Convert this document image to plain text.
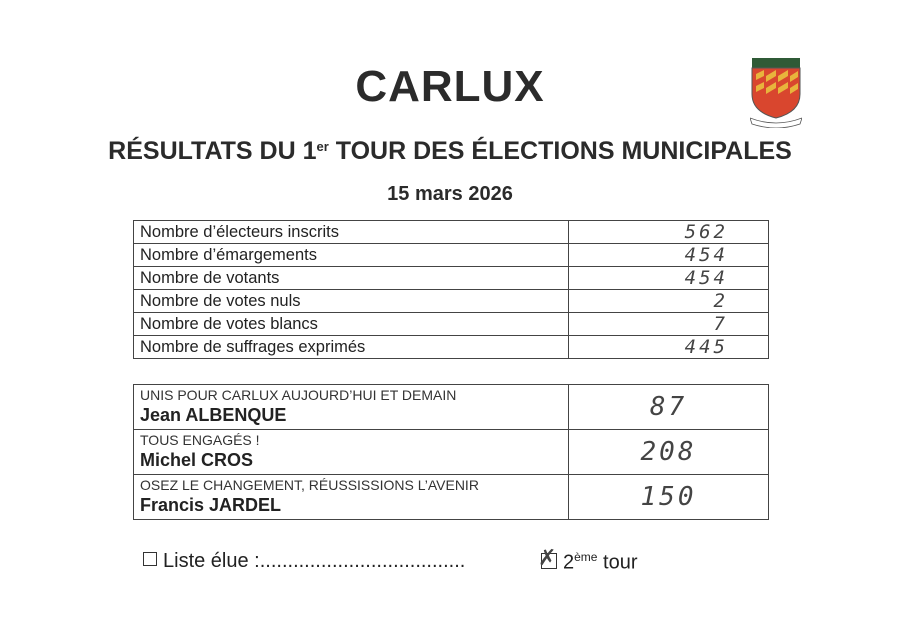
CARLUX
RÉSULTATS DU 1er TOUR DES ÉLECTIONS MUNICIPALES
15 mars 2026
Nombre d’électeurs inscrits	562
Nombre d’émargements	454
Nombre de votants	454
Nombre de votes nuls	2
Nombre de votes blancs	7
Nombre de suffrages exprimés	445
UNIS POUR CARLUX AUJOURD’HUI ET DEMAIN
Jean ALBENQUE	87

TOUS ENGAGÉS !
Michel CROS	208

OSEZ LE CHANGEMENT, RÉUSSISSIONS L’AVENIR
Francis JARDEL	150
Liste élue :.....................................	✗ 2ème tour
